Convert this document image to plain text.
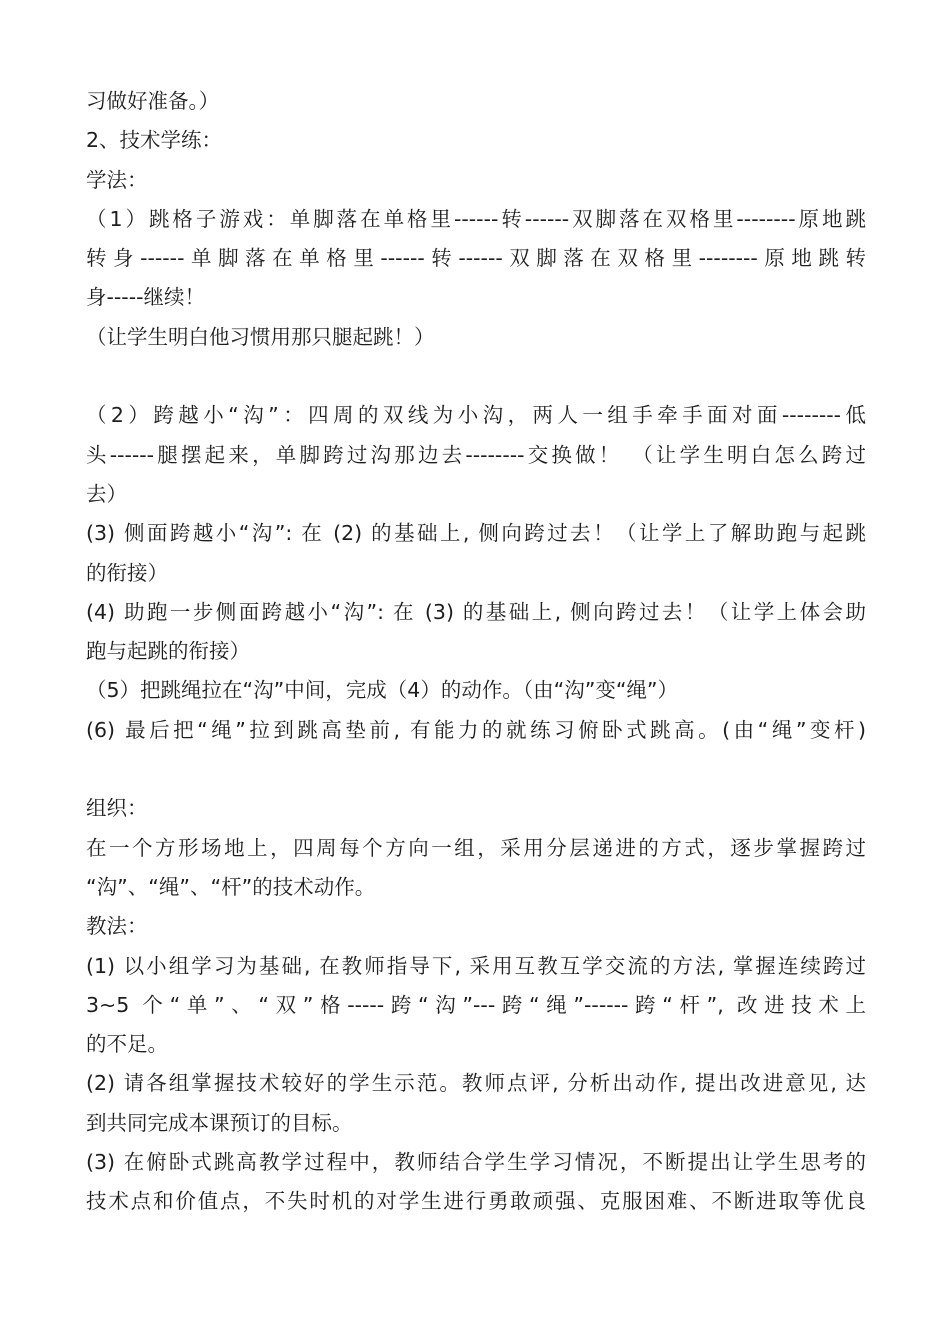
习做好准备。）
2、技术学练：
学法：
（1）跳格子游戏：单脚落在单格里------转------双脚落在双格里--------原地跳
转身------单脚落在单格里------转------双脚落在双格里--------原地跳转
身-----继续！
（让学生明白他习惯用那只腿起跳！）
（2）跨越小“沟”：四周的双线为小沟，两人一组手牵手面对面--------低
头------腿摆起来，单脚跨过沟那边去--------交换做！ （让学生明白怎么跨过
去）
(3) 侧面跨越小“沟”: 在 (2) 的基础上, 侧向跨过去！（让学上了解助跑与起跳
的衔接）
(4) 助跑一步侧面跨越小“沟”: 在 (3) 的基础上, 侧向跨过去！（让学上体会助
跑与起跳的衔接）
（5）把跳绳拉在“沟”中间，完成（4）的动作。（由“沟”变“绳”）
(6) 最后把“绳”拉到跳高垫前, 有能力的就练习俯卧式跳高。(由“绳”变杆)
组织：
在一个方形场地上，四周每个方向一组，采用分层递进的方式，逐步掌握跨过
“沟”、“绳”、“杆”的技术动作。
教法：
(1) 以小组学习为基础, 在教师指导下, 采用互教互学交流的方法, 掌握连续跨过
3~5 个“单”、“双”格-----跨“沟”---跨“绳”------跨“杆”, 改进技术上
的不足。
(2) 请各组掌握技术较好的学生示范。教师点评, 分析出动作, 提出改进意见, 达
到共同完成本课预订的目标。
(3) 在俯卧式跳高教学过程中，教师结合学生学习情况，不断提出让学生思考的
技术点和价值点，不失时机的对学生进行勇敢顽强、克服困难、不断进取等优良
